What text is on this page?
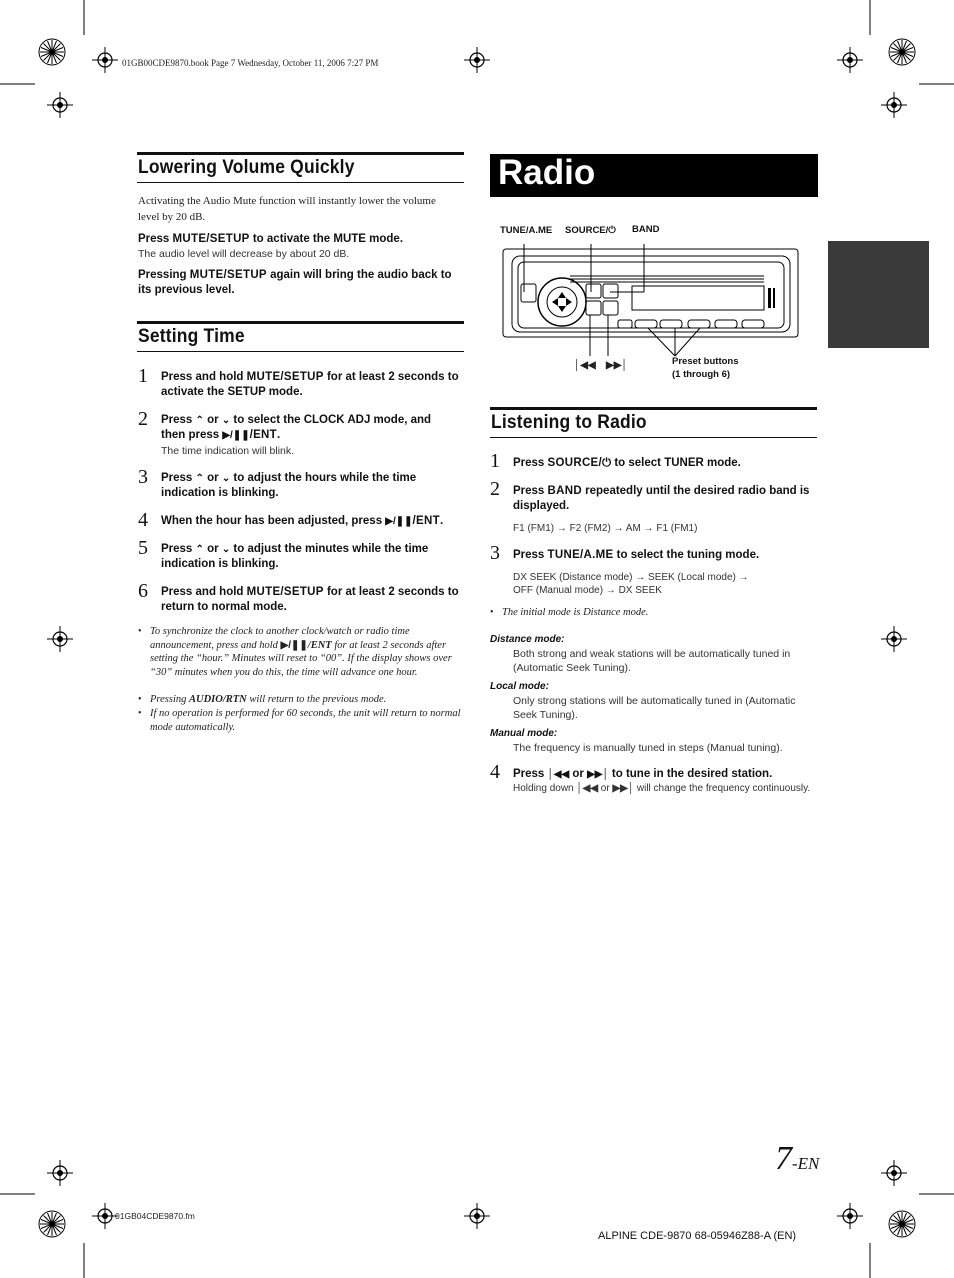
01GB00CDE9870.book Page 7 Wednesday, October 11, 2006 7:27 PM
Lowering Volume Quickly
Activating the Audio Mute function will instantly lower the volume level by 20 dB.
Press MUTE/SETUP to activate the MUTE mode.
The audio level will decrease by about 20 dB.
Pressing MUTE/SETUP again will bring the audio back to its previous level.
Setting Time
1 Press and hold MUTE/SETUP for at least 2 seconds to activate the SETUP mode.
2 Press ⌃ or ⌄ to select the CLOCK ADJ mode, and
then press ▶/❚❚/ENT.
The time indication will blink.
3 Press ⌃ or ⌄ to adjust the hours while the time
indication is blinking.
4 When the hour has been adjusted, press ▶/❚❚/ENT.
5 Press ⌃ or ⌄ to adjust the minutes while the time
indication is blinking.
6 Press and hold MUTE/SETUP for at least 2 seconds to return to normal mode.
• To synchronize the clock to another clock/watch or radio time announcement, press and hold ▶/❚❚/ENT for at least 2 seconds after setting the “hour.” Minutes will reset to “00”. If the display shows over “30” minutes when you do this, the time will advance one hour.
• Pressing AUDIO/RTN will return to the previous mode.
• If no operation is performed for 60 seconds, the unit will return to normal mode automatically.
Radio
TUNE/A.ME SOURCE/⏻ BAND
│◀◀ ▶▶│	Preset buttons
(1 through 6)
Listening to Radio
1 Press SOURCE/⏻ to select TUNER mode.
2 Press BAND repeatedly until the desired radio band is displayed.
F1 (FM1) → F2 (FM2) → AM → F1 (FM1)
3 Press TUNE/A.ME to select the tuning mode.
DX SEEK (Distance mode) → SEEK (Local mode) →
OFF (Manual mode) → DX SEEK
• The initial mode is Distance mode.
Distance mode:
Both strong and weak stations will be automatically tuned in (Automatic Seek Tuning).
Local mode:
Only strong stations will be automatically tuned in (Automatic Seek Tuning).
Manual mode:
The frequency is manually tuned in steps (Manual tuning).
4 Press │◀◀ or ▶▶│ to tune in the desired station.
Holding down │◀◀ or ▶▶│ will change the frequency continuously.
7-EN
01GB04CDE9870.fm
ALPINE CDE-9870 68-05946Z88-A (EN)
